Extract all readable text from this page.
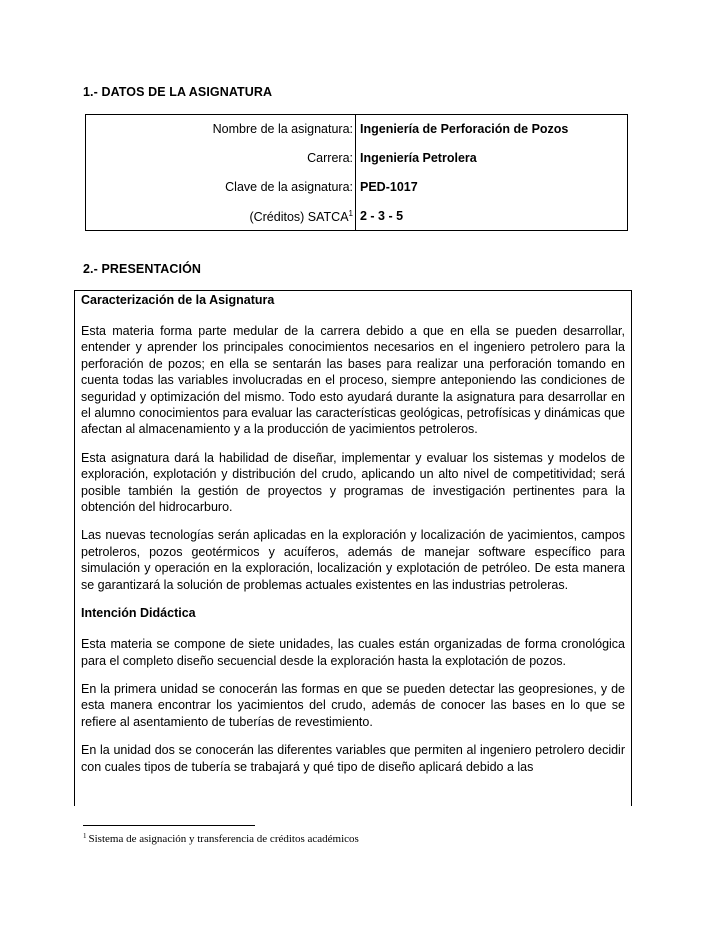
1.- DATOS DE LA ASIGNATURA
Nombre de la asignatura: Ingeniería de Perforación de Pozos
Carrera: Ingeniería Petrolera
Clave de la asignatura: PED-1017
(Créditos) SATCA$^1$ 2 - 3 - 5
2.- PRESENTACIÓN
Caracterización de la Asignatura

Esta materia forma parte medular de la carrera debido a que en ella se pueden desarrollar, entender y aprender los principales conocimientos necesarios en el ingeniero petrolero para la perforación de pozos; en ella se sentarán las bases para realizar una perforación tomando en cuenta todas las variables involucradas en el proceso, siempre anteponiendo las condiciones de seguridad y optimización del mismo. Todo esto ayudará durante la asignatura para desarrollar en el alumno conocimientos para evaluar las características geológicas, petrofísicas y dinámicas que afectan al almacenamiento y a la producción de yacimientos petroleros.

Esta asignatura dará la habilidad de diseñar, implementar y evaluar los sistemas y modelos de exploración, explotación y distribución del crudo, aplicando un alto nivel de competitividad; será posible también la gestión de proyectos y programas de investigación pertinentes para la obtención del hidrocarburo.

Las nuevas tecnologías serán aplicadas en la exploración y localización de yacimientos, campos petroleros, pozos geotérmicos y acuíferos, además de manejar software específico para simulación y operación en la exploración, localización y explotación de petróleo. De esta manera se garantizará la solución de problemas actuales existentes en las industrias petroleras.

Intención Didáctica

Esta materia se compone de siete unidades, las cuales están organizadas de forma cronológica para el completo diseño secuencial desde la exploración hasta la explotación de pozos.

En la primera unidad se conocerán las formas en que se pueden detectar las geopresiones, y de esta manera encontrar los yacimientos del crudo, además de conocer las bases en lo que se refiere al asentamiento de tuberías de revestimiento.

En la unidad dos se conocerán las diferentes variables que permiten al ingeniero petrolero decidir con cuales tipos de tubería se trabajará y qué tipo de diseño aplicará debido a las

$^1$ Sistema de asignación y transferencia de créditos académicos
